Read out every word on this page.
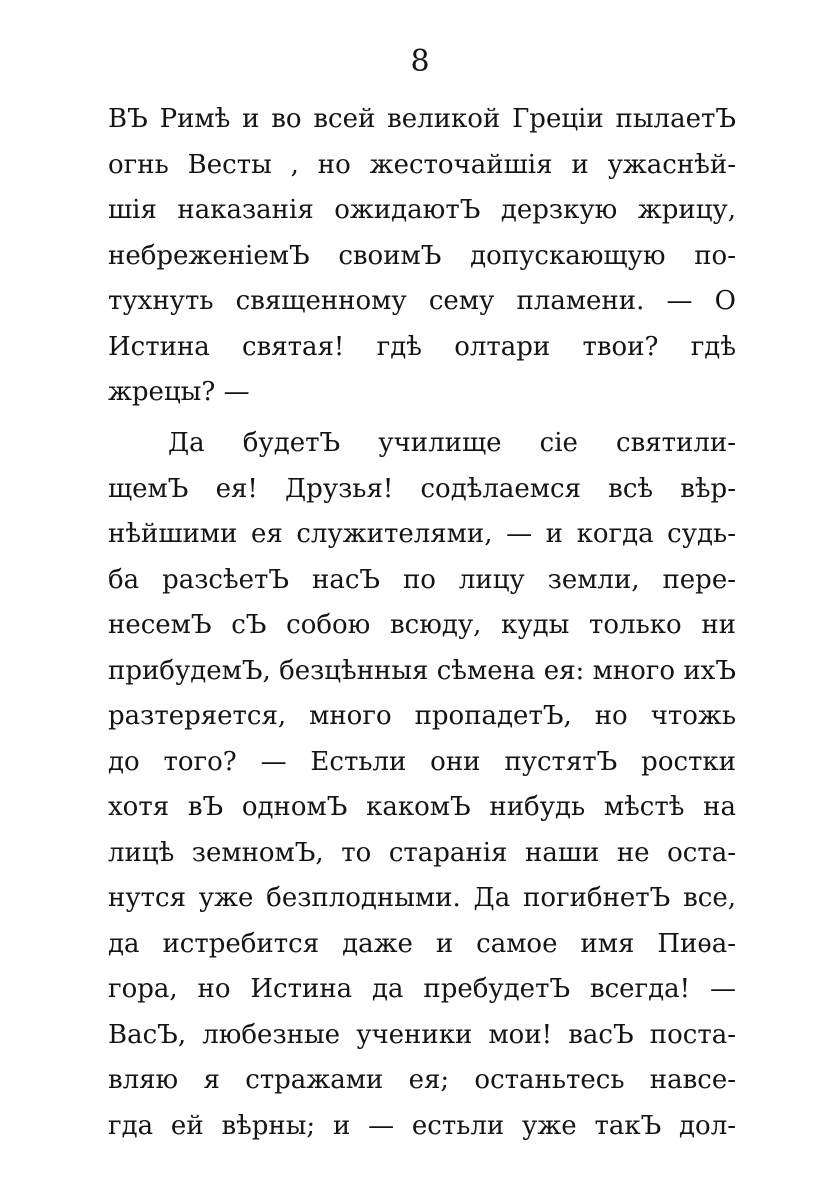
8
ВЪ Римѣ и во всей великой Греціи пылаетЪ
огнь Весты , но жесточайшія и ужаснѣй-
шія наказанія ожидаютЪ дерзкую жрицу,
небреженіемЪ своимЪ допускающую по-
тухнуть священному сему пламени. — О
Истина святая! гдѣ олтари твои? гдѣ
жрецы? —
Да будетЪ училище сіе святили-
щемЪ ея! Друзья! содѣлаемся всѣ вѣр-
нѣйшими ея служителями, — и когда судь-
ба разсѣетЪ насЪ по лицу земли, пере-
несемЪ сЪ собою всюду, куды только ни
прибудемЪ, безцѣнныя сѣмена ея: много ихЪ
разтеряется, много пропадетЪ, но чтожь
до того? — Естьли они пустятЪ ростки
хотя вЪ одномЪ какомЪ нибудь мѣстѣ на
лицѣ земномЪ, то старанія наши не оста-
нутся уже безплодными. Да погибнетЪ все,
да истребится даже и самое имя Пиѳа-
гора, но Истина да пребудетЪ всегда! —
ВасЪ, любезные ученики мои! васЪ поста-
вляю я стражами ея; останьтесь навсе-
гда ей вѣрны; и — естьли уже такЪ дол-
